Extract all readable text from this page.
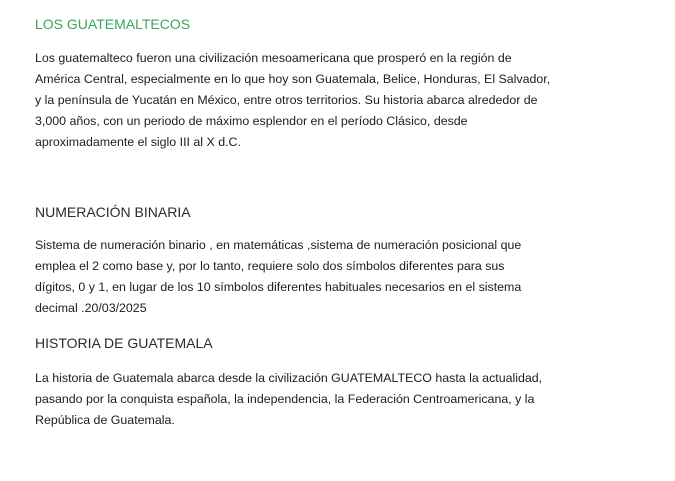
LOS GUATEMALTECOS
Los guatemalteco fueron una civilización mesoamericana que prosperó en la región de
América Central, especialmente en lo que hoy son Guatemala, Belice, Honduras, El Salvador,
y la península de Yucatán en México, entre otros territorios. Su historia abarca alrededor de
3,000 años, con un periodo de máximo esplendor en el período Clásico, desde
aproximadamente el siglo III al X d.C.
NUMERACIÓN BINARIA
Sistema de numeración binario , en matemáticas ,sistema de numeración posicional que
emplea el 2 como base y, por lo tanto, requiere solo dos símbolos diferentes para sus
dígitos, 0 y 1, en lugar de los 10 símbolos diferentes habituales necesarios en el sistema
decimal .20/03/2025
HISTORIA DE GUATEMALA
La historia de Guatemala abarca desde la civilización GUATEMALTECO hasta la actualidad,
pasando por la conquista española, la independencia, la Federación Centroamericana, y la
República de Guatemala.
